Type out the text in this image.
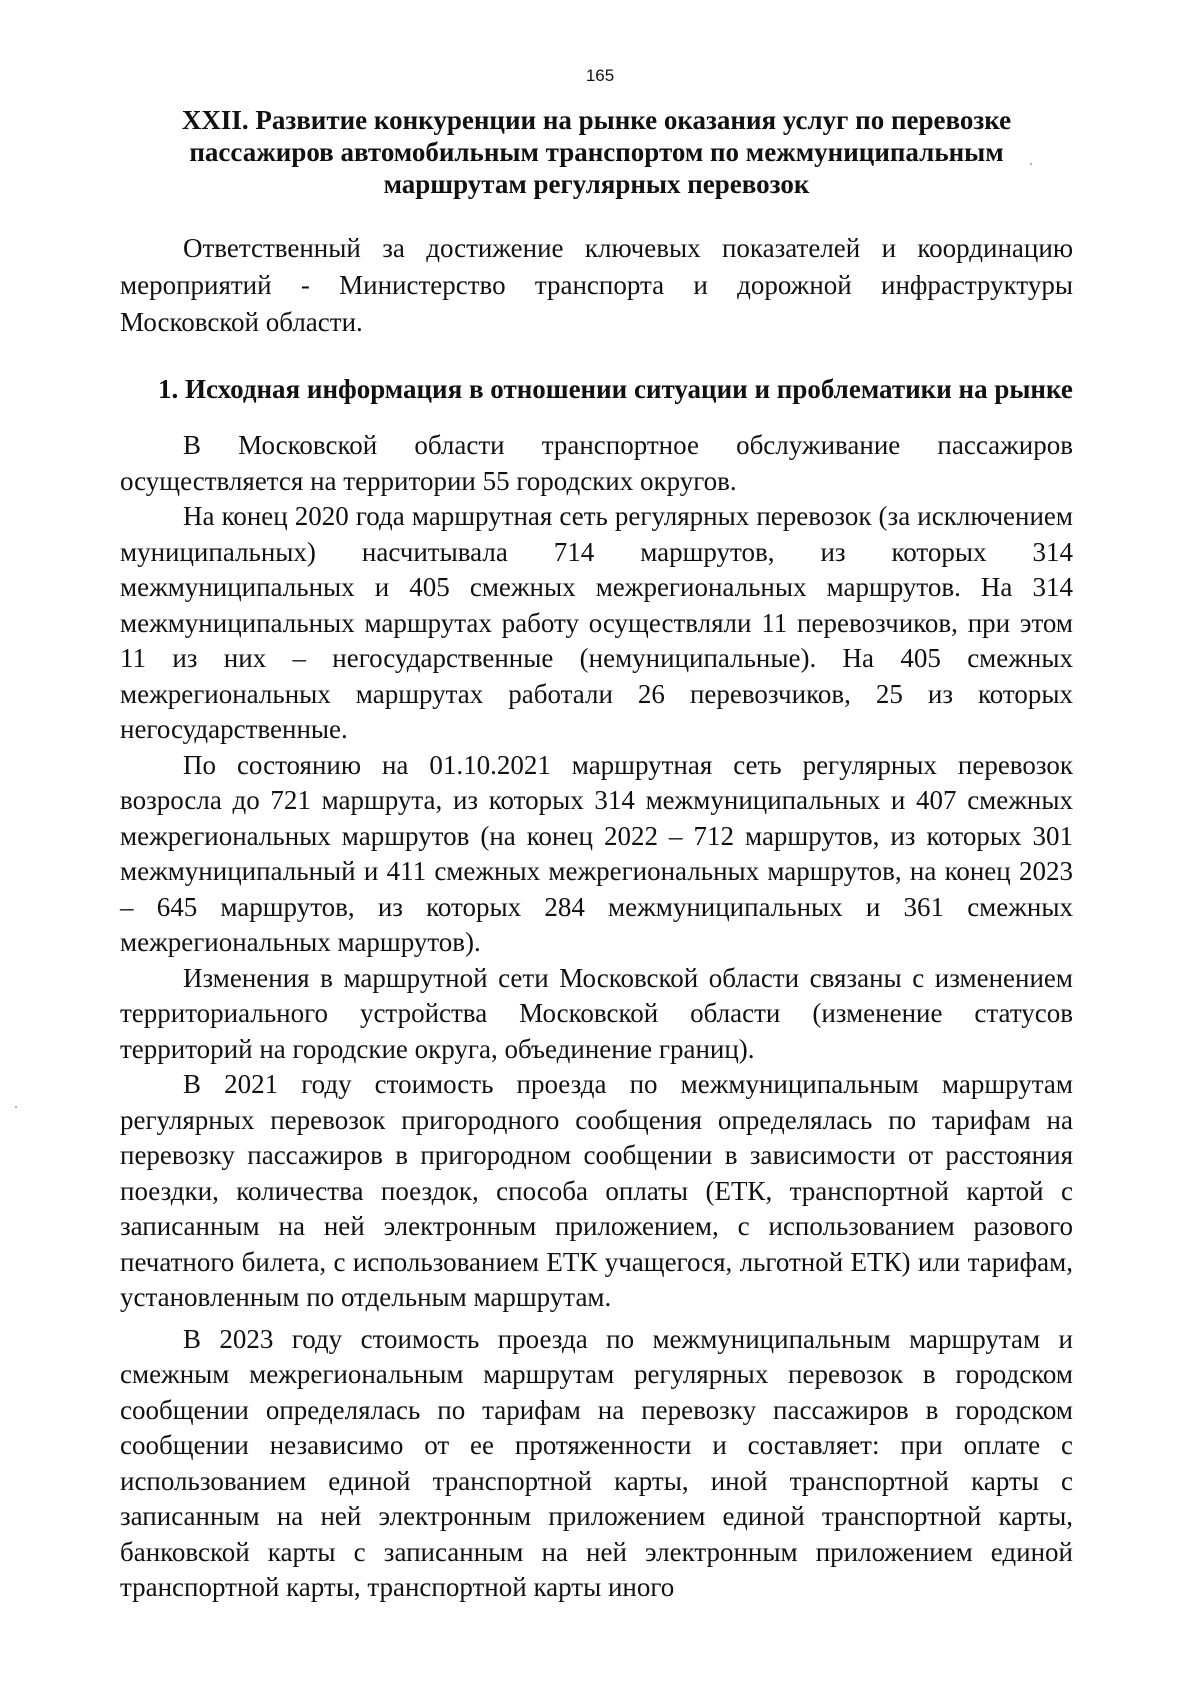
165
XXII. Развитие конкуренции на рынке оказания услуг по перевозке пассажиров автомобильным транспортом по межмуниципальным маршрутам регулярных перевозок

Ответственный за достижение ключевых показателей и координацию мероприятий - Министерство транспорта и дорожной инфраструктуры Московской области.

1. Исходная информация в отношении ситуации и проблематики на рынке

В Московской области транспортное обслуживание пассажиров осуществляется на территории 55 городских округов.

На конец 2020 года маршрутная сеть регулярных перевозок (за исключением муниципальных) насчитывала 714 маршрутов, из которых 314 межмуниципальных и 405 смежных межрегиональных маршрутов. На 314 межмуниципальных маршрутах работу осуществляли 11 перевозчиков, при этом 11 из них – негосударственные (немуниципальные). На 405 смежных межрегиональных маршрутах работали 26 перевозчиков, 25 из которых негосударственные.

По состоянию на 01.10.2021 маршрутная сеть регулярных перевозок возросла до 721 маршрута, из которых 314 межмуниципальных и 407 смежных межрегиональных маршрутов (на конец 2022 – 712 маршрутов, из которых 301 межмуниципальный и 411 смежных межрегиональных маршрутов, на конец 2023 – 645 маршрутов, из которых 284 межмуниципальных и 361 смежных межрегиональных маршрутов).

Изменения в маршрутной сети Московской области связаны с изменением территориального устройства Московской области (изменение статусов территорий на городские округа, объединение границ).

В 2021 году стоимость проезда по межмуниципальным маршрутам регулярных перевозок пригородного сообщения определялась по тарифам на перевозку пассажиров в пригородном сообщении в зависимости от расстояния поездки, количества поездок, способа оплаты (ЕТК, транспортной картой с записанным на ней электронным приложением, с использованием разового печатного билета, с использованием ЕТК учащегося, льготной ЕТК) или тарифам, установленным по отдельным маршрутам.

В 2023 году стоимость проезда по межмуниципальным маршрутам и смежным межрегиональным маршрутам регулярных перевозок в городском сообщении определялась по тарифам на перевозку пассажиров в городском сообщении независимо от ее протяженности и составляет: при оплате с использованием единой транспортной карты, иной транспортной карты с записанным на ней электронным приложением единой транспортной карты, банковской карты с записанным на ней электронным приложением единой транспортной карты, транспортной карты иного
